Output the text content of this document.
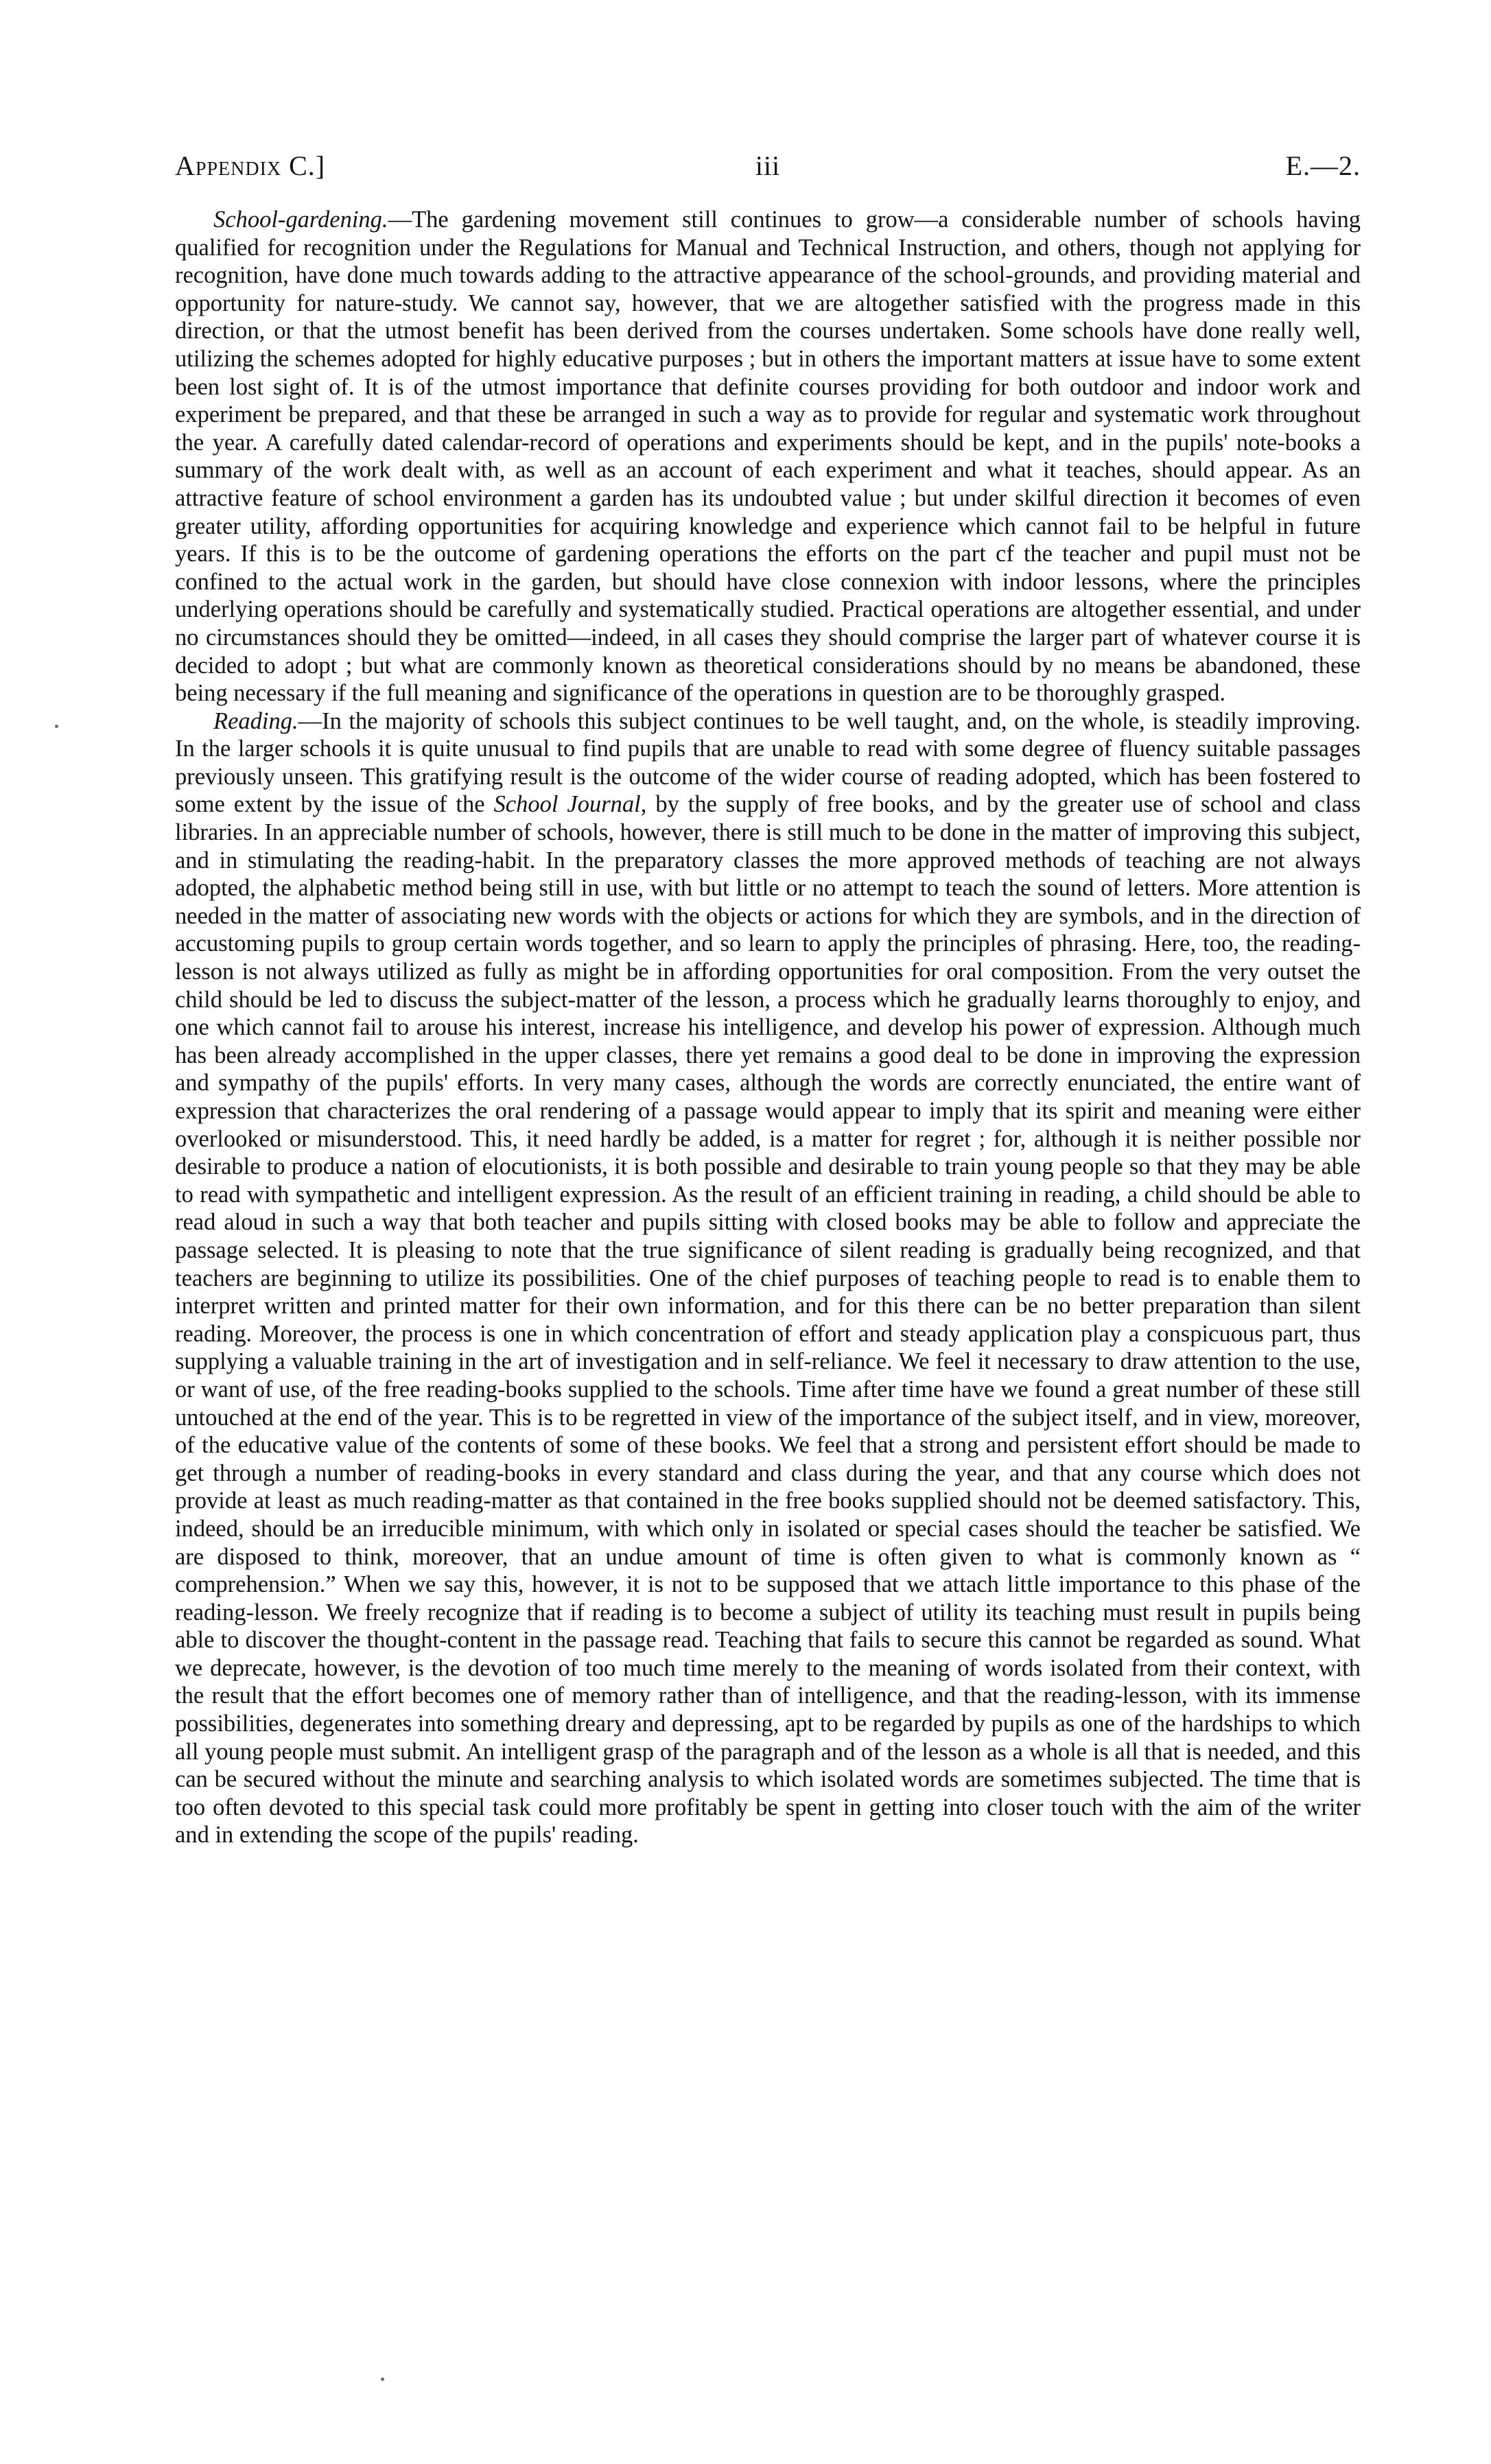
Appendix C.]	iii	E.—2.

School-gardening.—The gardening movement still continues to grow—a considerable number of schools having qualified for recognition under the Regulations for Manual and Technical Instruction, and others, though not applying for recognition, have done much towards adding to the attractive appearance of the school-grounds, and providing material and opportunity for nature-study. We cannot say, however, that we are altogether satisfied with the progress made in this direction, or that the utmost benefit has been derived from the courses undertaken. Some schools have done really well, utilizing the schemes adopted for highly educative purposes ; but in others the important matters at issue have to some extent been lost sight of. It is of the utmost importance that definite courses providing for both outdoor and indoor work and experiment be prepared, and that these be arranged in such a way as to provide for regular and systematic work throughout the year. A carefully dated calendar-record of operations and experiments should be kept, and in the pupils' note-books a summary of the work dealt with, as well as an account of each experiment and what it teaches, should appear. As an attractive feature of school environment a garden has its undoubted value ; but under skilful direction it becomes of even greater utility, affording opportunities for acquiring knowledge and experience which cannot fail to be helpful in future years. If this is to be the outcome of gardening operations the efforts on the part cf the teacher and pupil must not be confined to the actual work in the garden, but should have close connexion with indoor lessons, where the principles underlying operations should be carefully and systematically studied. Practical operations are altogether essential, and under no circumstances should they be omitted—indeed, in all cases they should comprise the larger part of whatever course it is decided to adopt ; but what are commonly known as theoretical considerations should by no means be abandoned, these being necessary if the full meaning and significance of the operations in question are to be thoroughly grasped.

Reading.—In the majority of schools this subject continues to be well taught, and, on the whole, is steadily improving. In the larger schools it is quite unusual to find pupils that are unable to read with some degree of fluency suitable passages previously unseen. This gratifying result is the outcome of the wider course of reading adopted, which has been fostered to some extent by the issue of the School Journal, by the supply of free books, and by the greater use of school and class libraries. In an appreciable number of schools, however, there is still much to be done in the matter of improving this subject, and in stimulating the reading-habit. In the preparatory classes the more approved methods of teaching are not always adopted, the alphabetic method being still in use, with but little or no attempt to teach the sound of letters. More attention is needed in the matter of associating new words with the objects or actions for which they are symbols, and in the direction of accustoming pupils to group certain words together, and so learn to apply the principles of phrasing. Here, too, the reading-lesson is not always utilized as fully as might be in affording opportunities for oral composition. From the very outset the child should be led to discuss the subject-matter of the lesson, a process which he gradually learns thoroughly to enjoy, and one which cannot fail to arouse his interest, increase his intelligence, and develop his power of expression. Although much has been already accomplished in the upper classes, there yet remains a good deal to be done in improving the expression and sympathy of the pupils' efforts. In very many cases, although the words are correctly enunciated, the entire want of expression that characterizes the oral rendering of a passage would appear to imply that its spirit and meaning were either overlooked or misunderstood. This, it need hardly be added, is a matter for regret ; for, although it is neither possible nor desirable to produce a nation of elocutionists, it is both possible and desirable to train young people so that they may be able to read with sympathetic and intelligent expression. As the result of an efficient training in reading, a child should be able to read aloud in such a way that both teacher and pupils sitting with closed books may be able to follow and appreciate the passage selected. It is pleasing to note that the true significance of silent reading is gradually being recognized, and that teachers are beginning to utilize its possibilities. One of the chief purposes of teaching people to read is to enable them to interpret written and printed matter for their own information, and for this there can be no better preparation than silent reading. Moreover, the process is one in which concentration of effort and steady application play a conspicuous part, thus supplying a valuable training in the art of investigation and in self-reliance. We feel it necessary to draw attention to the use, or want of use, of the free reading-books supplied to the schools. Time after time have we found a great number of these still untouched at the end of the year. This is to be regretted in view of the importance of the subject itself, and in view, moreover, of the educative value of the contents of some of these books. We feel that a strong and persistent effort should be made to get through a number of reading-books in every standard and class during the year, and that any course which does not provide at least as much reading-matter as that contained in the free books supplied should not be deemed satisfactory. This, indeed, should be an irreducible minimum, with which only in isolated or special cases should the teacher be satisfied. We are disposed to think, moreover, that an undue amount of time is often given to what is commonly known as “ comprehension.” When we say this, however, it is not to be supposed that we attach little importance to this phase of the reading-lesson. We freely recognize that if reading is to become a subject of utility its teaching must result in pupils being able to discover the thought-content in the passage read. Teaching that fails to secure this cannot be regarded as sound. What we deprecate, however, is the devotion of too much time merely to the meaning of words isolated from their context, with the result that the effort becomes one of memory rather than of intelligence, and that the reading-lesson, with its immense possibilities, degenerates into something dreary and depressing, apt to be regarded by pupils as one of the hardships to which all young people must submit. An intelligent grasp of the paragraph and of the lesson as a whole is all that is needed, and this can be secured without the minute and searching analysis to which isolated words are sometimes subjected. The time that is too often devoted to this special task could more profitably be spent in getting into closer touch with the aim of the writer and in extending the scope of the pupils' reading.
